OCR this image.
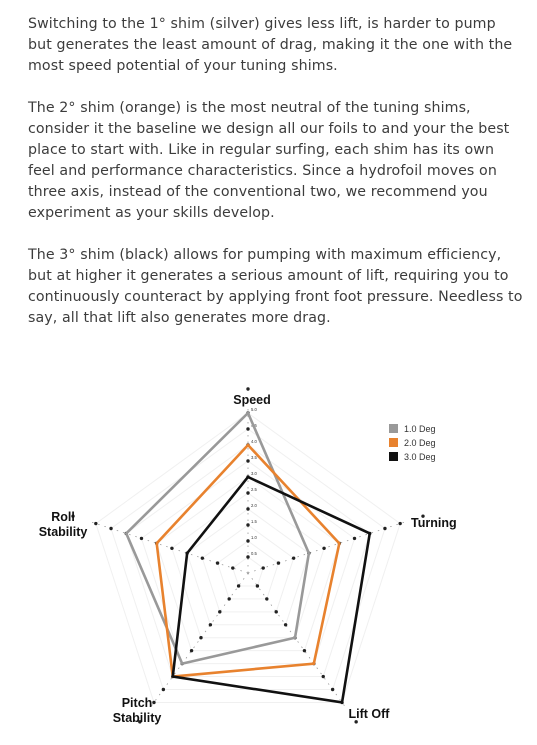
Switching to the 1° shim (silver) gives less lift, is harder to pump but generates the least amount of drag, making it the one with the most speed potential of your tuning shims.

The 2° shim (orange) is the most neutral of the tuning shims, consider it the baseline we design all our foils to and your the best place to start with. Like in regular surfing, each shim has its own feel and performance characteristics. Since a hydrofoil moves on three axis, instead of the conventional two, we recommend you experiment as your skills develop.

The 3° shim (black) allows for pumping with maximum efficiency, but at higher it generates a serious amount of lift, requiring you to continuously counteract by applying front foot pressure. Needless to say, all that lift also generates more drag.

0.5
1.0
1.5
2.0
2.5
3.0
3.5
4.0
4.5
5.0
Speed
Turning
Lift Off
Pitch
Stability
Roll
Stability
1.0 Deg
2.0 Deg
3.0 Deg
